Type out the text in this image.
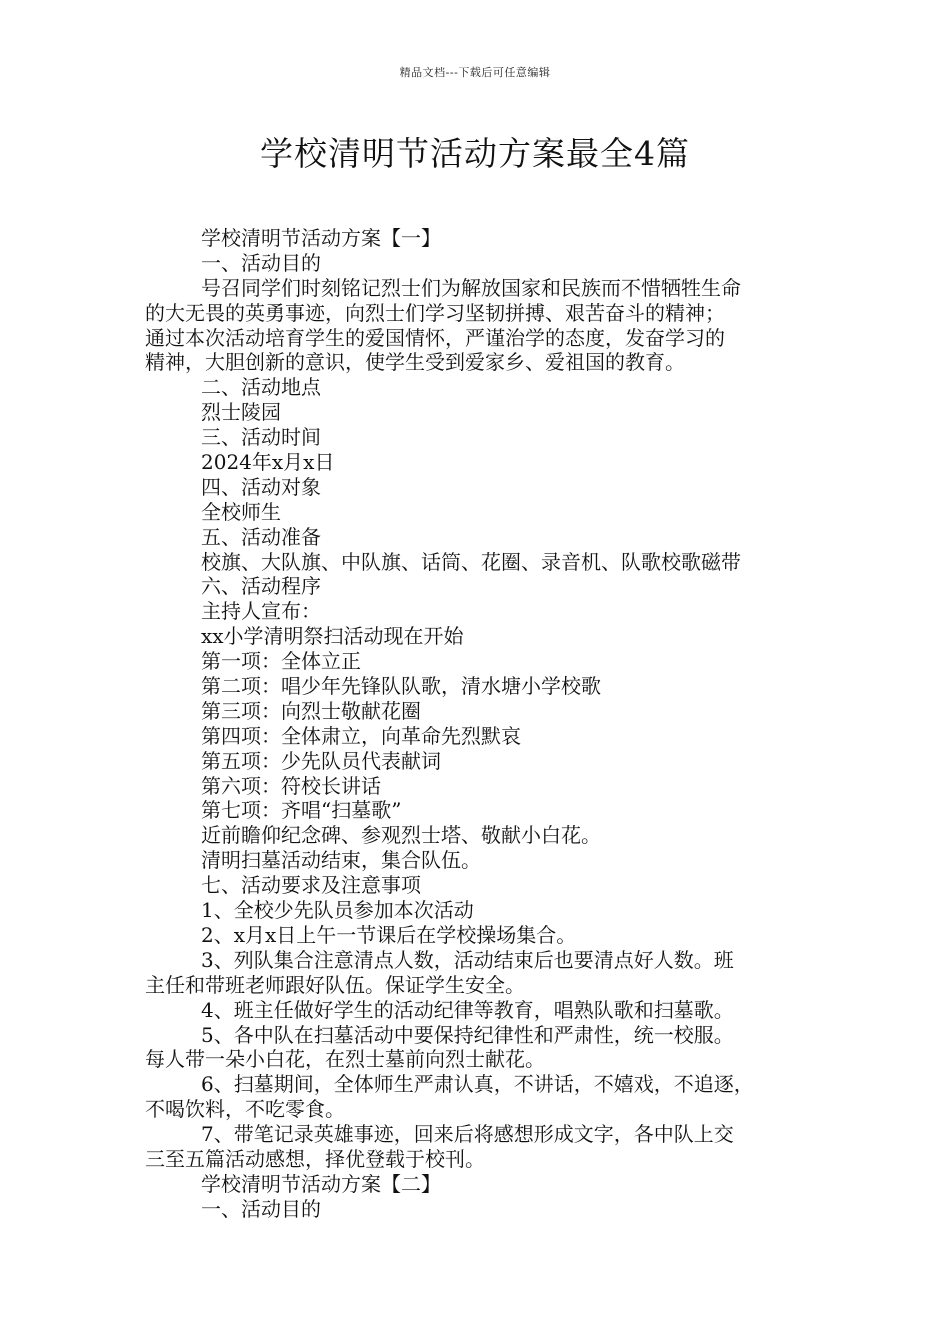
精品文档---下载后可任意编辑
学校清明节活动方案最全4篇
学校清明节活动方案【一】
一、活动目的
号召同学们时刻铭记烈士们为解放国家和民族而不惜牺牲生命
的大无畏的英勇事迹，向烈士们学习坚韧拼搏、艰苦奋斗的精神；
通过本次活动培育学生的爱国情怀，严谨治学的态度，发奋学习的
精神，大胆创新的意识，使学生受到爱家乡、爱祖国的教育。
二、活动地点
烈士陵园
三、活动时间
2024年x月x日
四、活动对象
全校师生
五、活动准备
校旗、大队旗、中队旗、话筒、花圈、录音机、队歌校歌磁带
六、活动程序
主持人宣布：
xx小学清明祭扫活动现在开始
第一项：全体立正
第二项：唱少年先锋队队歌，清水塘小学校歌
第三项：向烈士敬献花圈
第四项：全体肃立，向革命先烈默哀
第五项：少先队员代表献词
第六项：符校长讲话
第七项：齐唱“扫墓歌”
近前瞻仰纪念碑、参观烈士塔、敬献小白花。
清明扫墓活动结束，集合队伍。
七、活动要求及注意事项
1、全校少先队员参加本次活动
2、x月x日上午一节课后在学校操场集合。
3、列队集合注意清点人数，活动结束后也要清点好人数。班
主任和带班老师跟好队伍。保证学生安全。
4、班主任做好学生的活动纪律等教育，唱熟队歌和扫墓歌。
5、各中队在扫墓活动中要保持纪律性和严肃性，统一校服。
每人带一朵小白花，在烈士墓前向烈士献花。
6、扫墓期间，全体师生严肃认真，不讲话，不嬉戏，不追逐，
不喝饮料，不吃零食。
7、带笔记录英雄事迹，回来后将感想形成文字，各中队上交
三至五篇活动感想，择优登载于校刊。
学校清明节活动方案【二】
一、活动目的
